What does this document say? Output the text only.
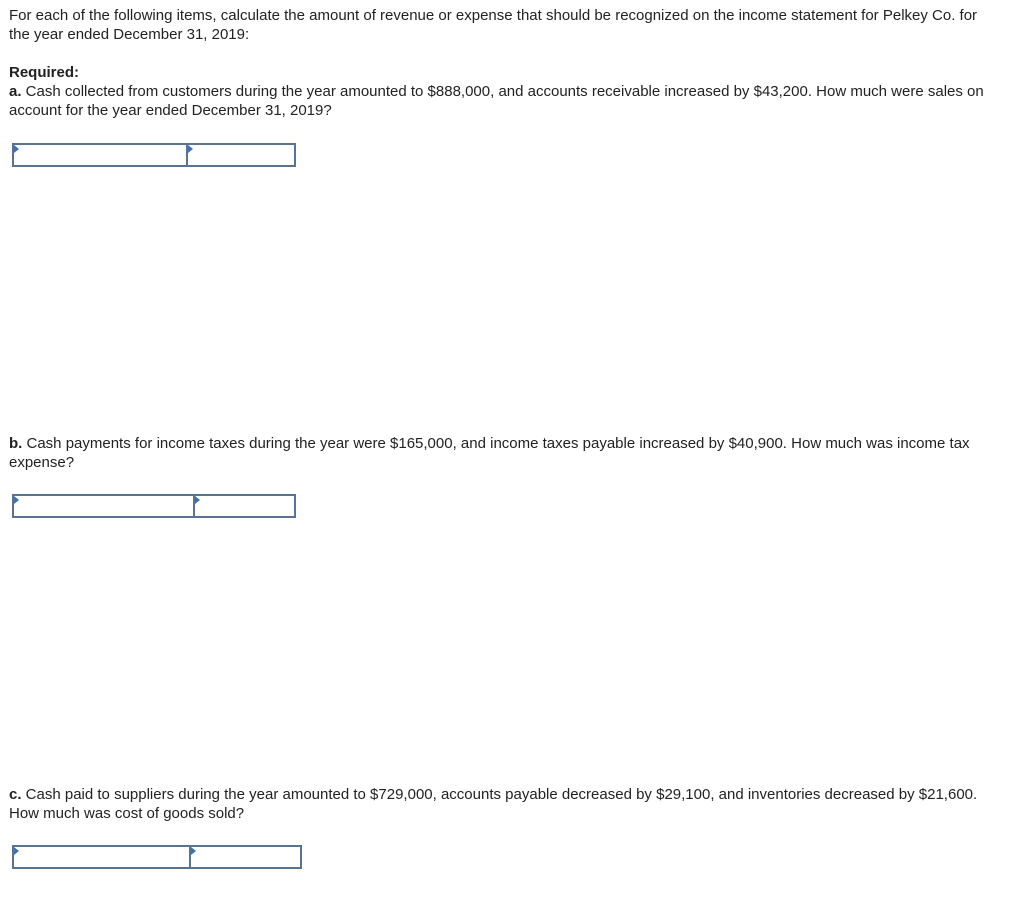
For each of the following items, calculate the amount of revenue or expense that should be recognized on the income statement for Pelkey Co. for the year ended December 31, 2019:
Required:
a. Cash collected from customers during the year amounted to $888,000, and accounts receivable increased by $43,200. How much were sales on account for the year ended December 31, 2019?
b. Cash payments for income taxes during the year were $165,000, and income taxes payable increased by $40,900. How much was income tax expense?
c. Cash paid to suppliers during the year amounted to $729,000, accounts payable decreased by $29,100, and inventories decreased by $21,600. How much was cost of goods sold?
